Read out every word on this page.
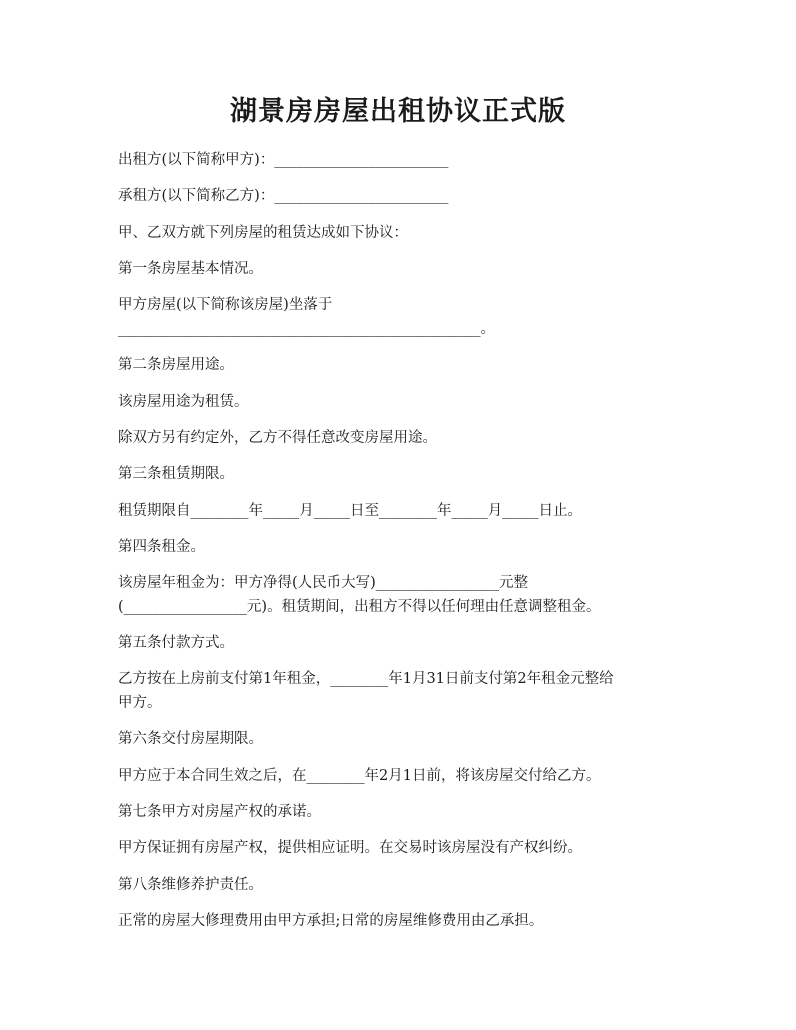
湖景房房屋出租协议正式版
出租方(以下简称甲方)：________________________
承租方(以下简称乙方)：________________________
甲、乙双方就下列房屋的租赁达成如下协议：
第一条房屋基本情况。
甲方房屋(以下简称该房屋)坐落于
__________________________________________________。
第二条房屋用途。
该房屋用途为租赁。
除双方另有约定外，乙方不得任意改变房屋用途。
第三条租赁期限。
租赁期限自________年_____月_____日至________年_____月_____日止。
第四条租金。
该房屋年租金为：甲方净得(人民币大写)_________________元整
(_________________元)。租赁期间，出租方不得以任何理由任意调整租金。
第五条付款方式。
乙方按在上房前支付第1年租金，________年1月31日前支付第2年租金元整给
甲方。
第六条交付房屋期限。
甲方应于本合同生效之后，在________年2月1日前，将该房屋交付给乙方。
第七条甲方对房屋产权的承诺。
甲方保证拥有房屋产权，提供相应证明。在交易时该房屋没有产权纠纷。
第八条维修养护责任。
正常的房屋大修理费用由甲方承担;日常的房屋维修费用由乙承担。
